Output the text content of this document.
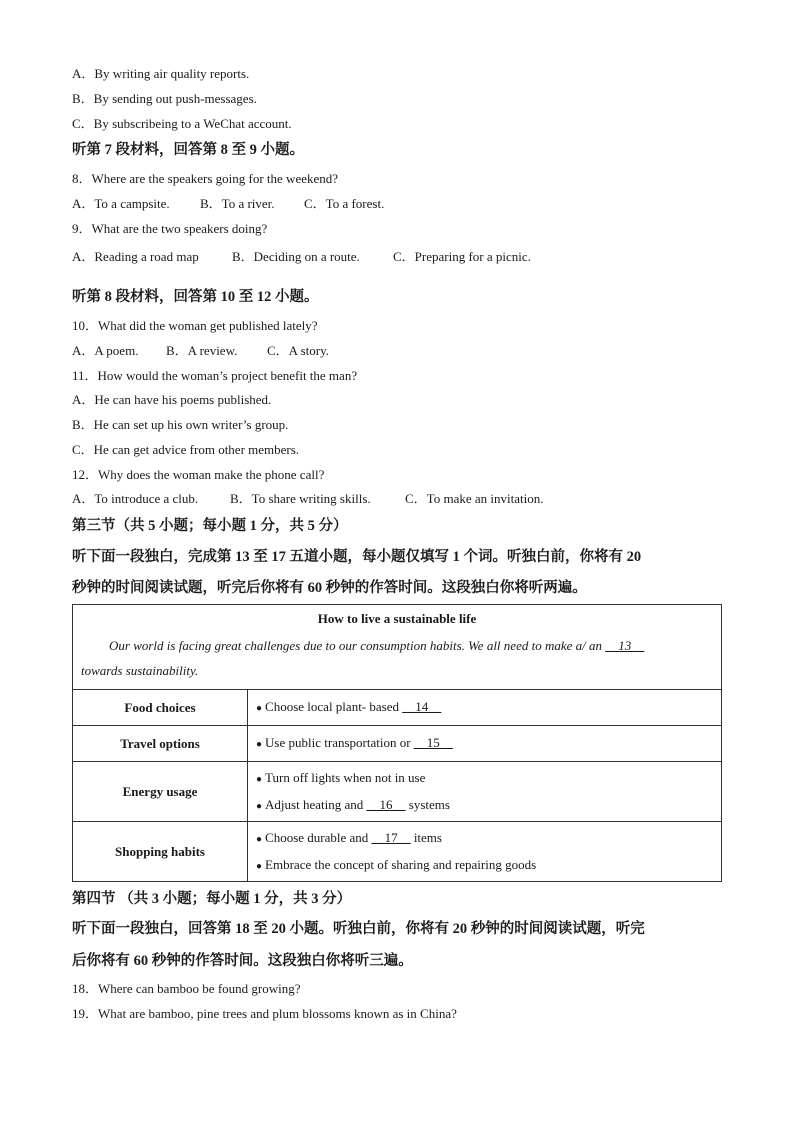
A．By writing air quality reports.
B．By sending out push-messages.
C．By subscribeing to a WeChat account.
听第 7 段材料，回答第 8 至 9 小题。
8．Where are the speakers going for the weekend?
A．To a campsite. B．To a river. C．To a forest.
9．What are the two speakers doing?
A．Reading a road map	B．Deciding on a route.	C．Preparing for a picnic.
听第 8 段材料，回答第 10 至 12 小题。
10．What did the woman get published lately?
A．A poem. B．A review. C．A story.
11．How would the woman’s project benefit the man?
A．He can have his poems published.
B．He can set up his own writer’s group.
C．He can get advice from other members.
12．Why does the woman make the phone call?
A．To introduce a club. B．To share writing skills.	C．To make an invitation.
第三节（共 5 小题；每小题 1 分，共 5 分）
听下面一段独白，完成第 13 至 17 五道小题，每小题仅填写 1 个词。听独白前，你将有 20
秒钟的时间阅读试题，听完后你将有 60 秒钟的作答时间。这段独白你将听两遍。
How to live a sustainable life
Our world is facing great challenges due to our consumption habits. We all need to make a/ an __13__
towards sustainability.	

Food choices	● Choose local plant- based __14__

Travel options	● Use public transportation or __15__

Energy usage	● Turn off lights when not in use
● Adjust heating and __16__ systems

Shopping habits	● Choose durable and __17__ items
● Embrace the concept of sharing and repairing goods
第四节 （共 3 小题；每小题 1 分，共 3 分）
听下面一段独白，回答第 18 至 20 小题。听独白前，你将有 20 秒钟的时间阅读试题，听完
后你将有 60 秒钟的作答时间。这段独白你将听三遍。
18．Where can bamboo be found growing?
19．What are bamboo, pine trees and plum blossoms known as in China?
